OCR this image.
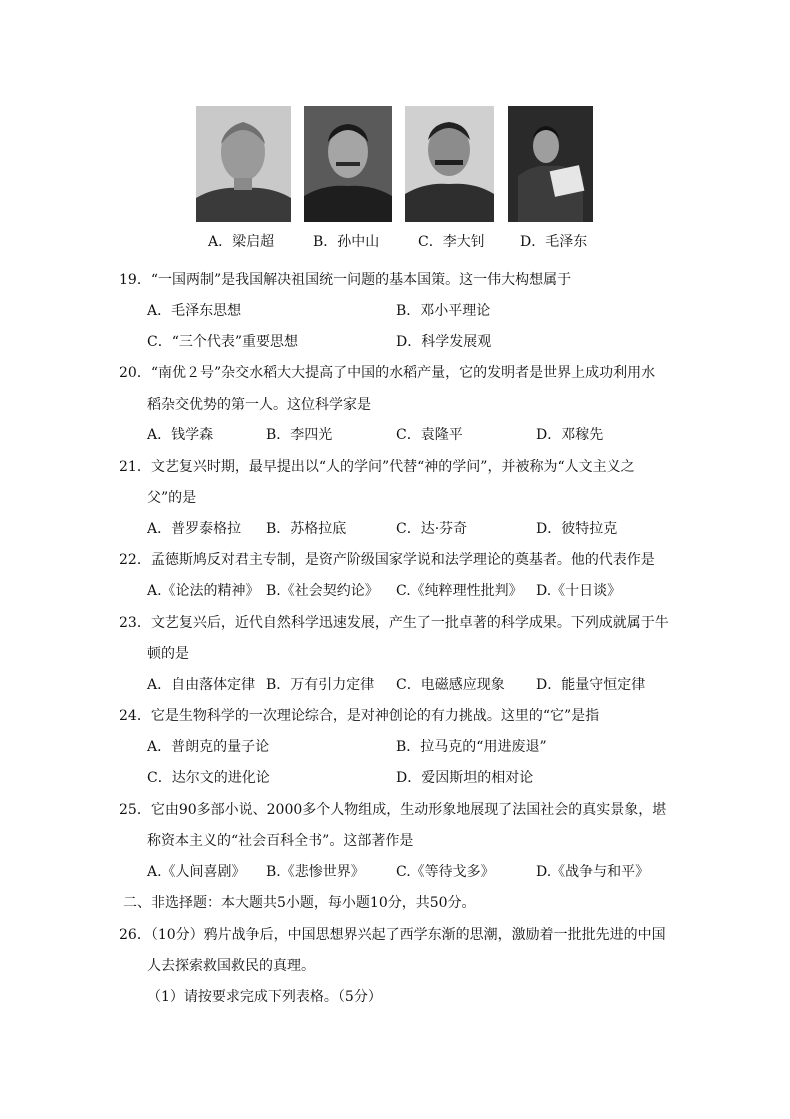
A．梁启超	B．孙中山	C．李大钊	D．毛泽东
19．“一国两制”是我国解决祖国统一问题的基本国策。这一伟大构想属于
A．毛泽东思想	B．邓小平理论
C．“三个代表”重要思想	D．科学发展观
20．“南优２号”杂交水稻大大提高了中国的水稻产量，它的发明者是世界上成功利用水
稻杂交优势的第一人。这位科学家是
A．钱学森	B．李四光	C．袁隆平	D．邓稼先
21．文艺复兴时期，最早提出以“人的学问”代替“神的学问”，并被称为“人文主义之
父”的是
A．普罗泰格拉 B．苏格拉底	C．达·芬奇	D．彼特拉克
22．孟德斯鸠反对君主专制，是资产阶级国家学说和法学理论的奠基者。他的代表作是
A.《论法的精神》 B.《社会契约论》 C.《纯粹理性批判》 D.《十日谈》
23．文艺复兴后，近代自然科学迅速发展，产生了一批卓著的科学成果。下列成就属于牛
顿的是
A．自由落体定律 B．万有引力定律 C．电磁感应现象 D．能量守恒定律
24．它是生物科学的一次理论综合，是对神创论的有力挑战。这里的“它”是指
A．普朗克的量子论	B．拉马克的“用进废退”
C．达尔文的进化论	D．爱因斯坦的相对论
25．它由90多部小说、2000多个人物组成，生动形象地展现了法国社会的真实景象，堪
称资本主义的“社会百科全书”。这部著作是
A.《人间喜剧》 B.《悲惨世界》 C.《等待戈多》	D.《战争与和平》
二、非选择题：本大题共5小题，每小题10分，共50分。
26．（10分）鸦片战争后，中国思想界兴起了西学东渐的思潮，激励着一批批先进的中国
人去探索救国救民的真理。
（1）请按要求完成下列表格。（5分）
